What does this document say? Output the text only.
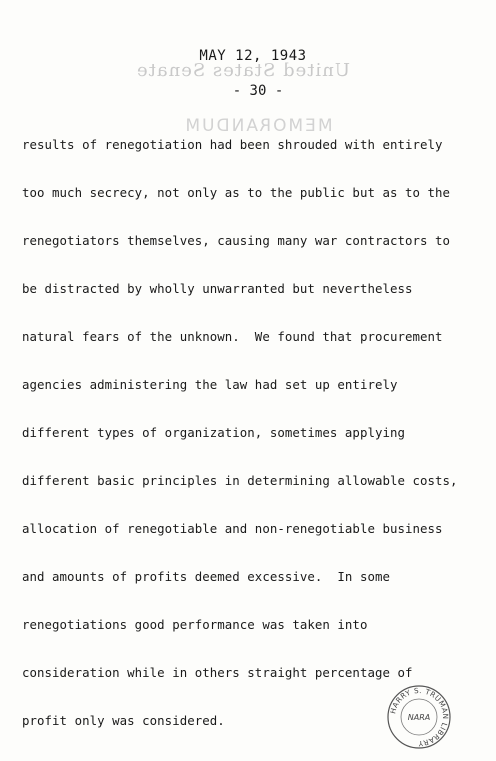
MAY 12, 1943
United States Senate
- 30 -
MEMORANDUM
results of renegotiation had been shrouded with entirely
too much secrecy, not only as to the public but as to the
renegotiators themselves, causing many war contractors to
be distracted by wholly unwarranted but nevertheless
natural fears of the unknown.  We found that procurement
agencies administering the law had set up entirely
different types of organization, sometimes applying
different basic principles in determining allowable costs,
allocation of renegotiable and non-renegotiable business
and amounts of profits deemed excessive.  In some
renegotiations good performance was taken into
consideration while in others straight percentage of
profit only was considered.
HARRY S. TRUMAN LIBRARY
NARA
